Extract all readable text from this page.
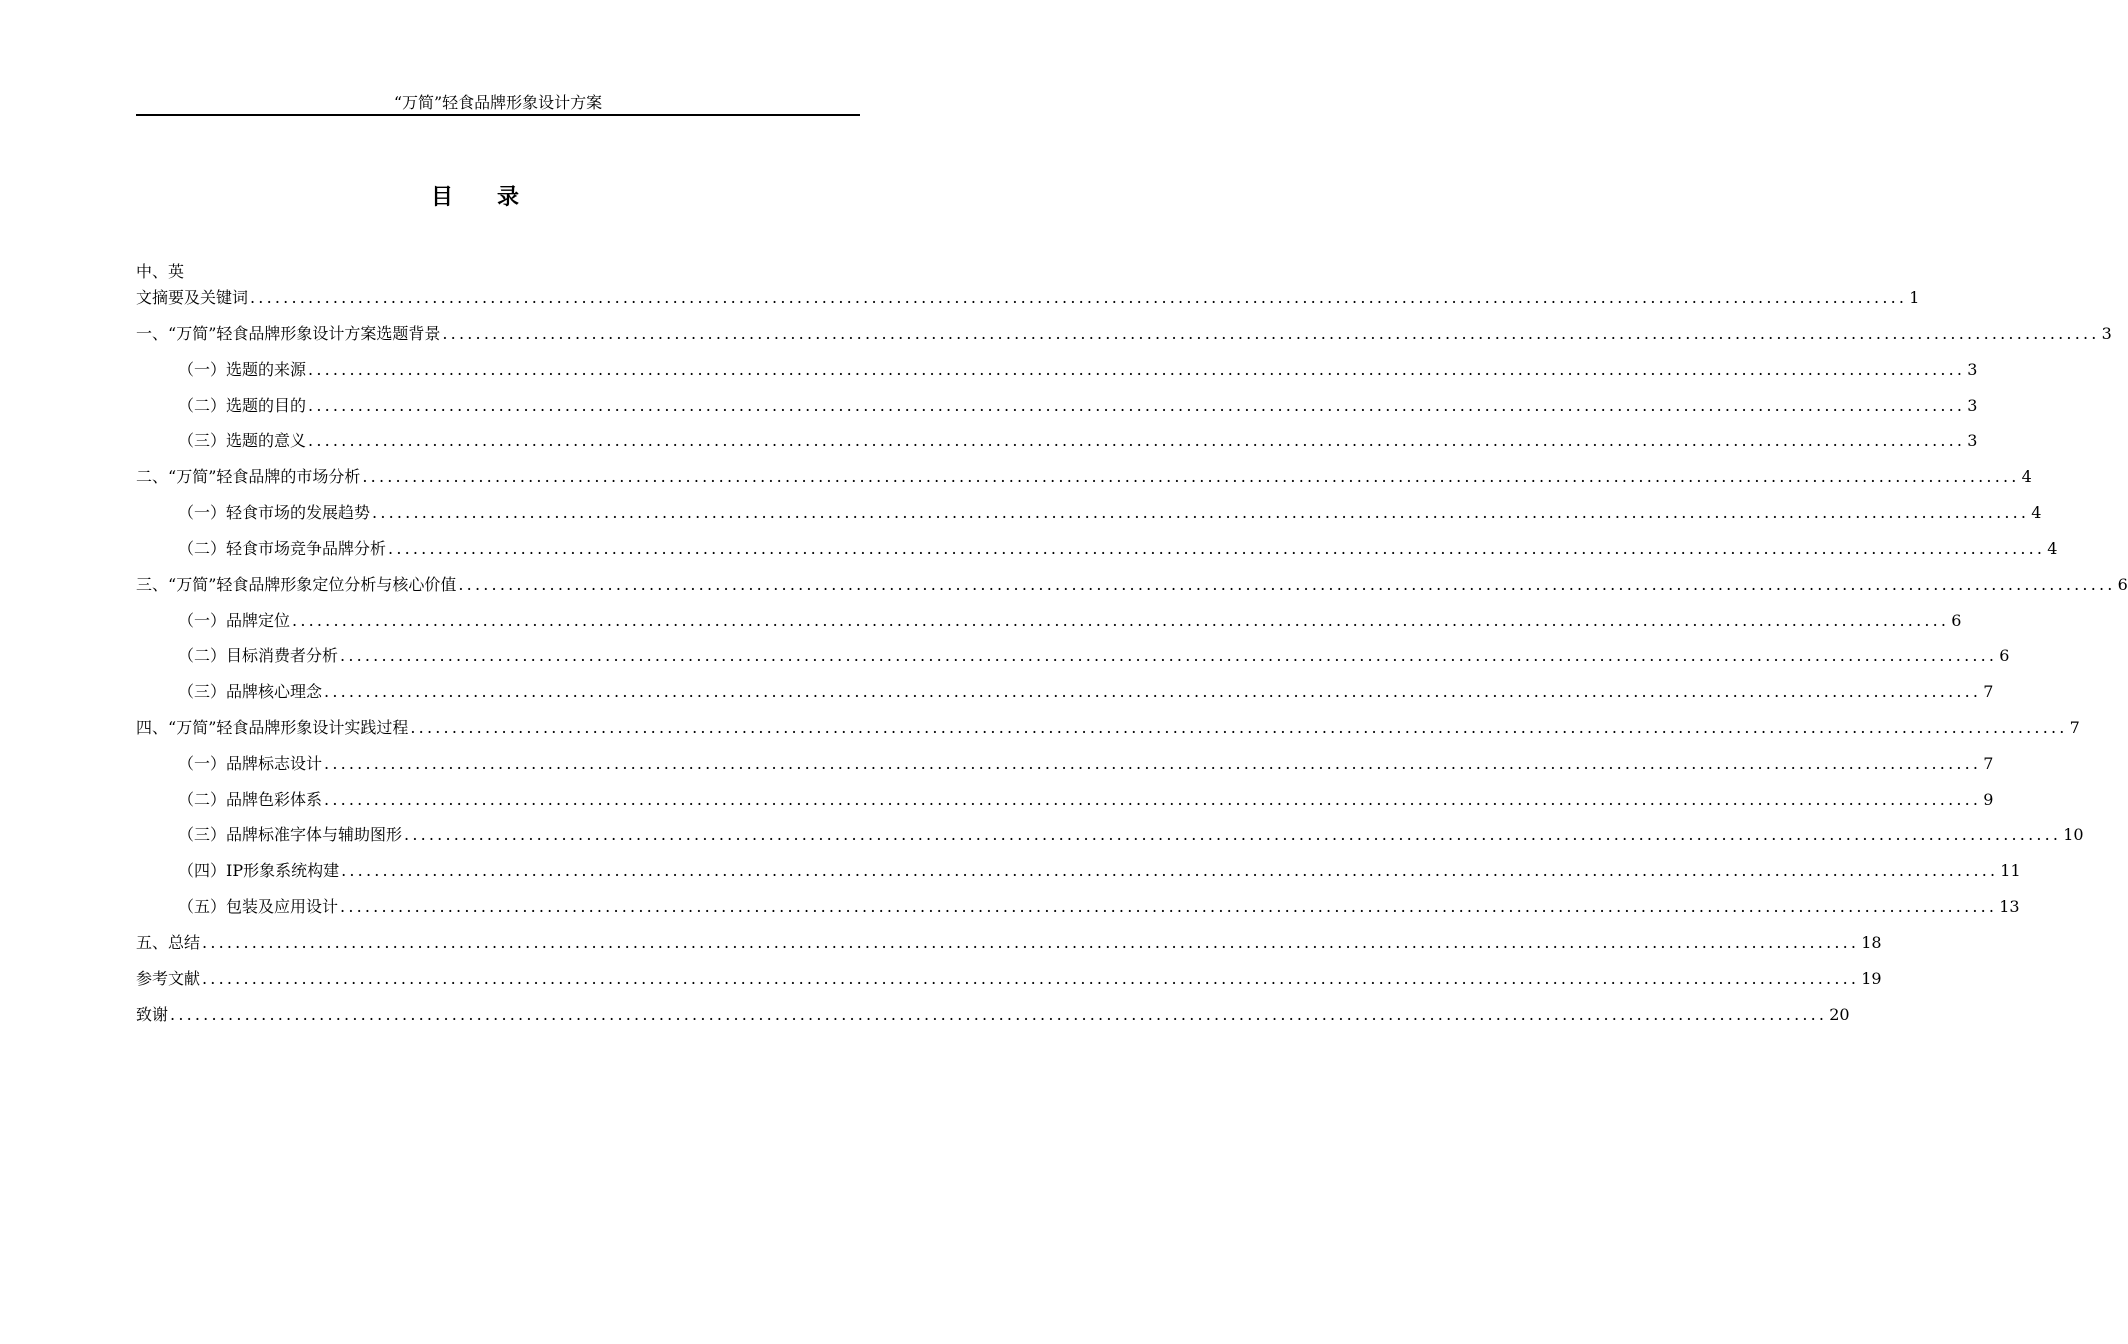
“万简”轻食品牌形象设计方案
目 录
中、英
文摘要及关键词 ........................................................................................................................................................................................................ 1
一、 “万简”轻食品牌形象设计方案选题背景 ........................................................................................................................................................................................................ 3
（一） 选题的来源 ........................................................................................................................................................................................................ 3
（二） 选题的目的 ........................................................................................................................................................................................................ 3
（三） 选题的意义 ........................................................................................................................................................................................................ 3
二、 “万简”轻食品牌的市场分析 ........................................................................................................................................................................................................ 4
（一） 轻食市场的发展趋势 ........................................................................................................................................................................................................ 4
（二） 轻食市场竞争品牌分析 ........................................................................................................................................................................................................ 4
三、 “万简”轻食品牌形象定位分析与核心价值 ........................................................................................................................................................................................................ 6
（一） 品牌定位 ........................................................................................................................................................................................................ 6
（二） 目标消费者分析 ........................................................................................................................................................................................................ 6
（三） 品牌核心理念 ........................................................................................................................................................................................................ 7
四、 “万简”轻食品牌形象设计实践过程 ........................................................................................................................................................................................................ 7
（一） 品牌标志设计 ........................................................................................................................................................................................................ 7
（二） 品牌色彩体系 ........................................................................................................................................................................................................ 9
（三） 品牌标准字体与辅助图形 ........................................................................................................................................................................................................ 10
（四） IP形象系统构建 ........................................................................................................................................................................................................ 11
（五） 包装及应用设计 ........................................................................................................................................................................................................ 13
五、 总结 ........................................................................................................................................................................................................ 18
参考文献 ........................................................................................................................................................................................................ 19
致 谢 ........................................................................................................................................................................................................ 20
